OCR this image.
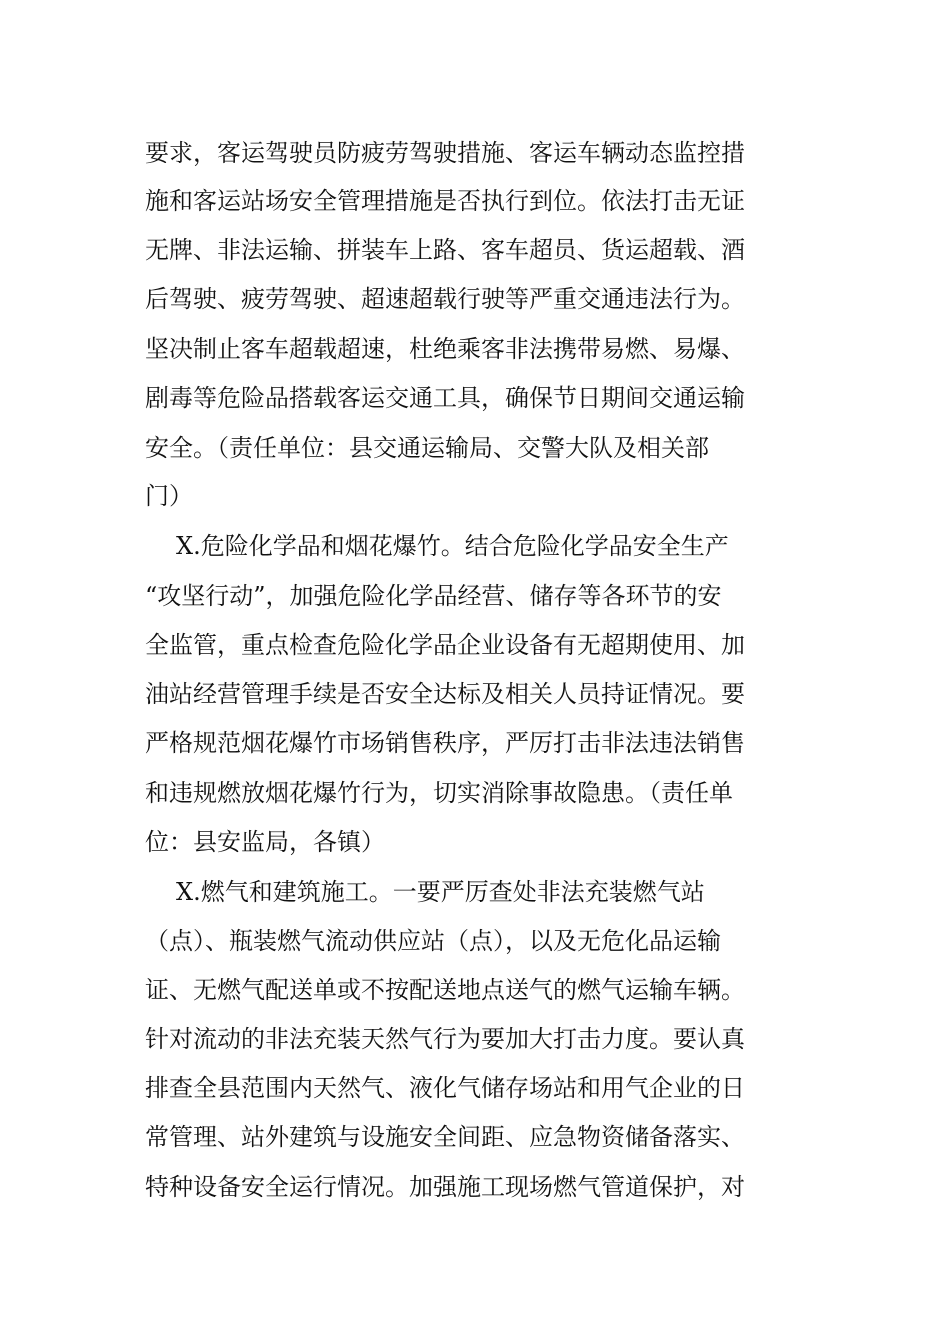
要求，客运驾驶员防疲劳驾驶措施、客运车辆动态监控措
施和客运站场安全管理措施是否执行到位。依法打击无证
无牌、非法运输、拼装车上路、客车超员、货运超载、酒
后驾驶、疲劳驾驶、超速超载行驶等严重交通违法行为。
坚决制止客车超载超速，杜绝乘客非法携带易燃、易爆、
剧毒等危险品搭载客运交通工具，确保节日期间交通运输
安全。（责任单位：县交通运输局、交警大队及相关部
门）
X.危险化学品和烟花爆竹。结合危险化学品安全生产
“攻坚行动”，加强危险化学品经营、储存等各环节的安
全监管，重点检查危险化学品企业设备有无超期使用、加
油站经营管理手续是否安全达标及相关人员持证情况。要
严格规范烟花爆竹市场销售秩序，严厉打击非法违法销售
和违规燃放烟花爆竹行为，切实消除事故隐患。（责任单
位：县安监局，各镇）
X.燃气和建筑施工。一要严厉查处非法充装燃气站
（点）、瓶装燃气流动供应站（点），以及无危化品运输
证、无燃气配送单或不按配送地点送气的燃气运输车辆。
针对流动的非法充装天然气行为要加大打击力度。要认真
排查全县范围内天然气、液化气储存场站和用气企业的日
常管理、站外建筑与设施安全间距、应急物资储备落实、
特种设备安全运行情况。加强施工现场燃气管道保护，对
